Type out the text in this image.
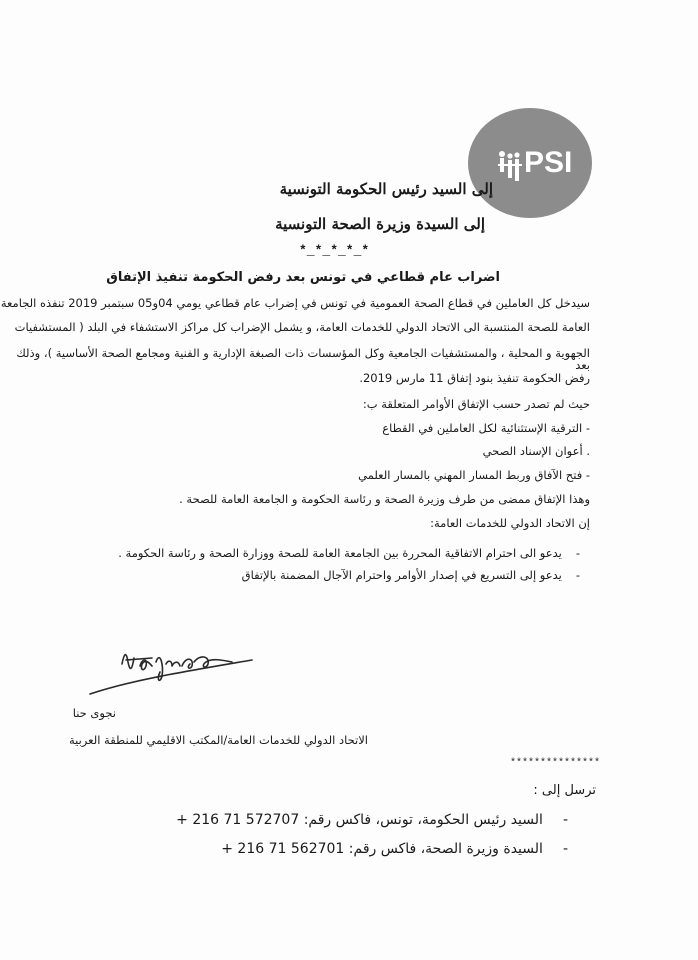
PSI
إلى السيد رئيس الحكومة التونسية
إلى السيدة وزيرة الصحة التونسية
*_*_*_*_*
اضراب عام قطاعي في تونس بعد رفض الحكومة تنفيذ الإتفاق
سيدخل كل العاملين في قطاع الصحة العمومية في تونس في إضراب عام قطاعي يومي 04و05 سبتمبر 2019 تنفذه الجامعة
العامة للصحة المنتسبة الى الاتحاد الدولي للخدمات العامة، و يشمل الإضراب كل مراكز الاستشفاء في البلد ( المستشفيات
الجهوية و المحلية ، والمستشفيات الجامعية وكل المؤسسات ذات الصبغة الإدارية و الفنية ومجامع الصحة الأساسية )، وذلك بعد
رفض الحكومة تنفيذ بنود إتفاق 11 مارس 2019.
حيث لم تصدر حسب الإتفاق الأوامر المتعلقة ب:
- الترقية الإستثنائية لكل العاملين في القطاع
. أعوان الإسناد الصحي
- فتح الآفاق وربط المسار المهني بالمسار العلمي
وهذا الإتفاق ممضى من طرف وزيرة الصحة و رئاسة الحكومة و الجامعة العامة للصحة .
إن الاتحاد الدولي للخدمات العامة:
-يدعو الى احترام الاتفاقية المحررة بين الجامعة العامة للصحة ووزارة الصحة و رئاسة الحكومة .
-يدعو إلى التسريع في إصدار الأوامر واحترام الآجال المضمنة بالإتفاق
نجوى حنا
الاتحاد الدولي للخدمات العامة/المكتب الاقليمي للمنطقة العربية
***************
ترسل إلى :
-السيد رئيس الحكومة، تونس، فاكس رقم: 572707 71 216 +
-السيدة وزيرة الصحة، فاكس رقم: 562701 71 216 +
